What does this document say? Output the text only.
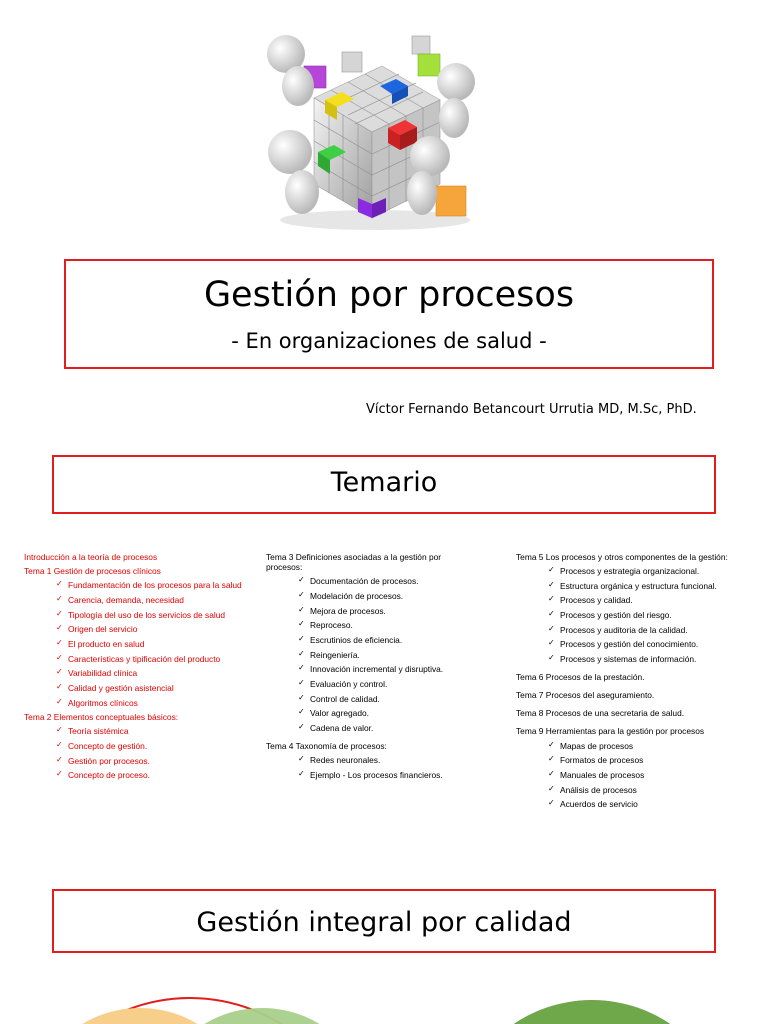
Gestión por procesos
- En organizaciones de salud -
Víctor Fernando Betancourt Urrutia MD, M.Sc, PhD.
Temario
Introducción a la teoría de procesos
Tema 1 Gestión de procesos clínicos
✓ Fundamentación de los procesos para la salud
✓ Carencia, demanda, necesidad
✓ Tipología del uso de los servicios de salud
✓ Origen del servicio
✓ El producto en salud
✓ Características y tipificación del producto
✓ Variabilidad clínica
✓ Calidad y gestión asistencial
✓ Algoritmos clínicos
Tema 2 Elementos conceptuales básicos:
✓ Teoría sistémica
✓ Concepto de gestión.
✓ Gestión por procesos.
✓ Concepto de proceso.
Tema 3 Definiciones asociadas a la gestión por procesos:
✓ Documentación de procesos.
✓ Modelación de procesos.
✓ Mejora de procesos.
✓ Reproceso.
✓ Escrutinios de eficiencia.
✓ Reingeniería.
✓ Innovación incremental y disruptiva.
✓ Evaluación y control.
✓ Control de calidad.
✓ Valor agregado.
✓ Cadena de valor.
Tema 4 Taxonomía de procesos:
✓ Redes neuronales.
✓ Ejemplo - Los procesos financieros.
Tema 5 Los procesos y otros componentes de la gestión:
✓ Procesos y estrategia organizacional.
✓ Estructura orgánica y estructura funcional.
✓ Procesos y calidad.
✓ Procesos y gestión del riesgo.
✓ Procesos y auditoria de la calidad.
✓ Procesos y gestión del conocimiento.
✓ Procesos y sistemas de información.
Tema 6 Procesos de la prestación.
Tema 7 Procesos del aseguramiento.
Tema 8 Procesos de una secretaria de salud.
Tema 9 Herramientas para la gestión por procesos
✓ Mapas de procesos
✓ Formatos de procesos
✓ Manuales de procesos
✓ Análisis de procesos
✓ Acuerdos de servicio
Gestión integral por calidad
